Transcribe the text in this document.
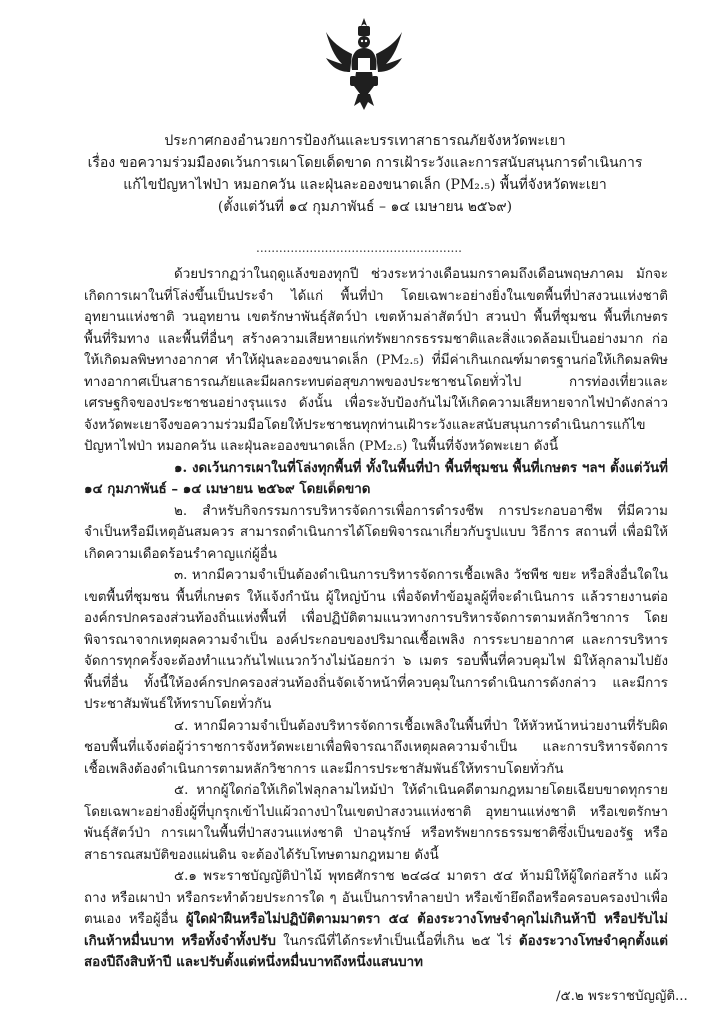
ประกาศกองอำนวยการป้องกันและบรรเทาสาธารณภัยจังหวัดพะเยา
เรื่อง ขอความร่วมมืองดเว้นการเผาโดยเด็ดขาด การเฝ้าระวังและการสนับสนุนการดำเนินการ
แก้ไขปัญหาไฟป่า หมอกควัน และฝุ่นละอองขนาดเล็ก (PM₂.₅) พื้นที่จังหวัดพะเยา
(ตั้งแต่วันที่ ๑๔ กุมภาพันธ์ – ๑๔ เมษายน ๒๕๖๙)
......................................................

ด้วยปรากฏว่าในฤดูแล้งของทุกปี ช่วงระหว่างเดือนมกราคมถึงเดือนพฤษภาคม มักจะเกิดการเผาในที่โล่งขึ้นเป็นประจำ ได้แก่ พื้นที่ป่า โดยเฉพาะอย่างยิ่งในเขตพื้นที่ป่าสงวนแห่งชาติ อุทยานแห่งชาติ วนอุทยาน เขตรักษาพันธุ์สัตว์ป่า เขตห้ามล่าสัตว์ป่า สวนป่า พื้นที่ชุมชน พื้นที่เกษตร พื้นที่ริมทาง และพื้นที่อื่นๆ สร้างความเสียหายแก่ทรัพยากรธรรมชาติและสิ่งแวดล้อมเป็นอย่างมาก ก่อให้เกิดมลพิษทางอากาศ ทำให้ฝุ่นละอองขนาดเล็ก (PM₂.₅) ที่มีค่าเกินเกณฑ์มาตรฐานก่อให้เกิดมลพิษทางอากาศเป็นสาธารณภัยและมีผลกระทบต่อสุขภาพของประชาชนโดยทั่วไป การท่องเที่ยวและเศรษฐกิจของประชาชนอย่างรุนแรง ดังนั้น เพื่อระงับป้องกันไม่ให้เกิดความเสียหายจากไฟป่าดังกล่าว จังหวัดพะเยาจึงขอความร่วมมือโดยให้ประชาชนทุกท่านเฝ้าระวังและสนับสนุนการดำเนินการแก้ไขปัญหาไฟป่า หมอกควัน และฝุ่นละอองขนาดเล็ก (PM₂.₅) ในพื้นที่จังหวัดพะเยา ดังนี้

๑. งดเว้นการเผาในที่โล่งทุกพื้นที่ ทั้งในพื้นที่ป่า พื้นที่ชุมชน พื้นที่เกษตร ฯลฯ ตั้งแต่วันที่ ๑๔ กุมภาพันธ์ – ๑๔ เมษายน ๒๕๖๙ โดยเด็ดขาด

๒. สำหรับกิจกรรมการบริหารจัดการเพื่อการดำรงชีพ การประกอบอาชีพ ที่มีความจำเป็นหรือมีเหตุอันสมควร สามารถดำเนินการได้โดยพิจารณาเกี่ยวกับรูปแบบ วิธีการ สถานที่ เพื่อมิให้เกิดความเดือดร้อนรำคาญแก่ผู้อื่น

๓. หากมีความจำเป็นต้องดำเนินการบริหารจัดการเชื้อเพลิง วัชพืช ขยะ หรือสิ่งอื่นใดในเขตพื้นที่ชุมชน พื้นที่เกษตร ให้แจ้งกำนัน ผู้ใหญ่บ้าน เพื่อจัดทำข้อมูลผู้ที่จะดำเนินการ แล้วรายงานต่อองค์กรปกครองส่วนท้องถิ่นแห่งพื้นที่ เพื่อปฏิบัติตามแนวทางการบริหารจัดการตามหลักวิชาการ โดยพิจารณาจากเหตุผลความจำเป็น องค์ประกอบของปริมาณเชื้อเพลิง การระบายอากาศ และการบริหารจัดการทุกครั้งจะต้องทำแนวกันไฟแนวกว้างไม่น้อยกว่า ๖ เมตร รอบพื้นที่ควบคุมไฟ มิให้ลุกลามไปยังพื้นที่อื่น ทั้งนี้ให้องค์กรปกครองส่วนท้องถิ่นจัดเจ้าหน้าที่ควบคุมในการดำเนินการดังกล่าว และมีการประชาสัมพันธ์ให้ทราบโดยทั่วกัน

๔. หากมีความจำเป็นต้องบริหารจัดการเชื้อเพลิงในพื้นที่ป่า ให้หัวหน้าหน่วยงานที่รับผิดชอบพื้นที่แจ้งต่อผู้ว่าราชการจังหวัดพะเยาเพื่อพิจารณาถึงเหตุผลความจำเป็น และการบริหารจัดการเชื้อเพลิงต้องดำเนินการตามหลักวิชาการ และมีการประชาสัมพันธ์ให้ทราบโดยทั่วกัน

๕. หากผู้ใดก่อให้เกิดไฟลุกลามไหม้ป่า ให้ดำเนินคดีตามกฎหมายโดยเฉียบขาดทุกราย โดยเฉพาะอย่างยิ่งผู้ที่บุกรุกเข้าไปแผ้วถางป่าในเขตป่าสงวนแห่งชาติ อุทยานแห่งชาติ หรือเขตรักษาพันธุ์สัตว์ป่า การเผาในพื้นที่ป่าสงวนแห่งชาติ ป่าอนุรักษ์ หรือทรัพยากรธรรมชาติซึ่งเป็นของรัฐ หรือสาธารณสมบัติของแผ่นดิน จะต้องได้รับโทษตามกฎหมาย ดังนี้

๕.๑ พระราชบัญญัติป่าไม้ พุทธศักราช ๒๔๘๔ มาตรา ๕๔ ห้ามมิให้ผู้ใดก่อสร้าง แผ้วถาง หรือเผาป่า หรือกระทำด้วยประการใด ๆ อันเป็นการทำลายป่า หรือเข้ายึดถือหรือครอบครองป่าเพื่อตนเอง หรือผู้อื่น ผู้ใดฝ่าฝืนหรือไม่ปฏิบัติตามมาตรา ๕๔ ต้องระวางโทษจำคุกไม่เกินห้าปี หรือปรับไม่เกินห้าหมื่นบาท หรือทั้งจำทั้งปรับ ในกรณีที่ได้กระทำเป็นเนื้อที่เกิน ๒๕ ไร่ ต้องระวางโทษจำคุกตั้งแต่สองปีถึงสิบห้าปี และปรับตั้งแต่หนึ่งหมื่นบาทถึงหนึ่งแสนบาท

/๕.๒ พระราชบัญญัติ...
